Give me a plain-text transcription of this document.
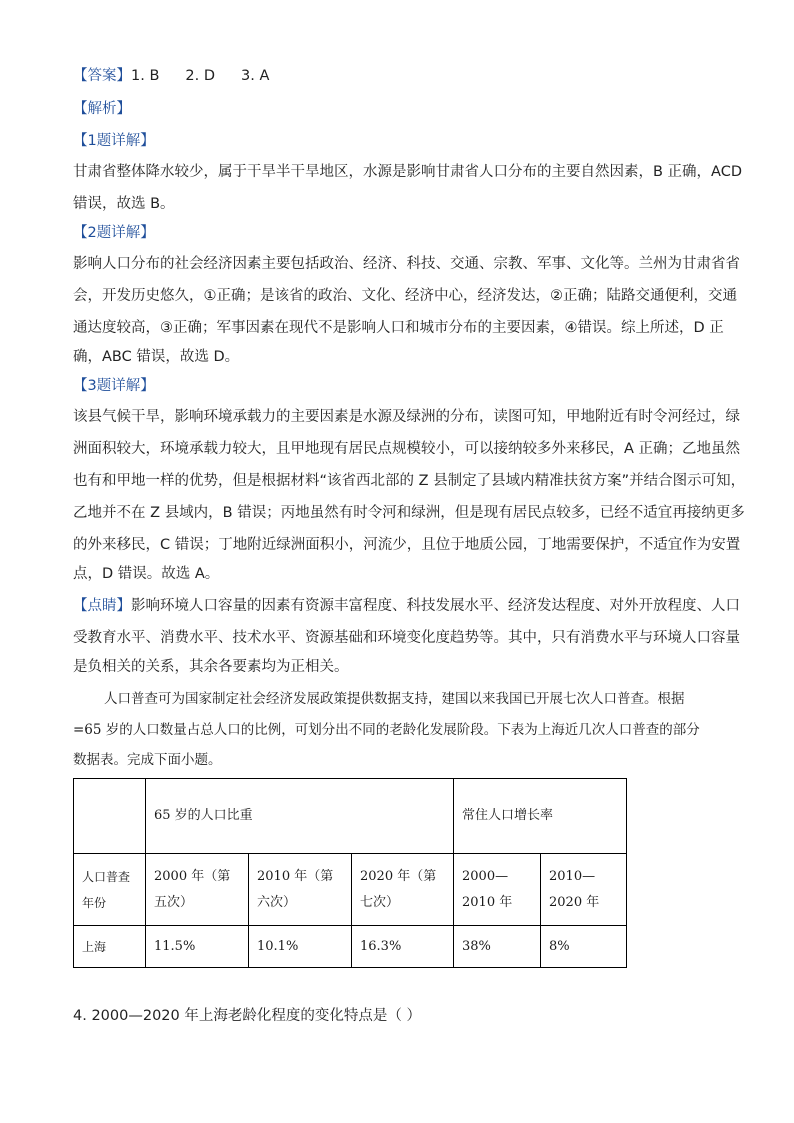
【答案】1. B 2. D 3. A
【解析】
【1题详解】
甘肃省整体降水较少，属于干旱半干旱地区，水源是影响甘肃省人口分布的主要自然因素，B 正确，ACD
错误，故选 B。
【2题详解】
影响人口分布的社会经济因素主要包括政治、经济、科技、交通、宗教、军事、文化等。兰州为甘肃省省
会，开发历史悠久，①正确；是该省的政治、文化、经济中心，经济发达，②正确；陆路交通便利，交通
通达度较高，③正确；军事因素在现代不是影响人口和城市分布的主要因素，④错误。综上所述，D 正
确，ABC 错误，故选 D。
【3题详解】
该县气候干旱，影响环境承载力的主要因素是水源及绿洲的分布，读图可知，甲地附近有时令河经过，绿
洲面积较大，环境承载力较大，且甲地现有居民点规模较小，可以接纳较多外来移民，A 正确；乙地虽然
也有和甲地一样的优势，但是根据材料“该省西北部的 Z 县制定了县域内精准扶贫方案”并结合图示可知，
乙地并不在 Z 县域内，B 错误；丙地虽然有时令河和绿洲，但是现有居民点较多，已经不适宜再接纳更多
的外来移民，C 错误；丁地附近绿洲面积小，河流少，且位于地质公园，丁地需要保护，不适宜作为安置
点，D 错误。故选 A。
【点睛】影响环境人口容量的因素有资源丰富程度、科技发展水平、经济发达程度、对外开放程度、人口
受教育水平、消费水平、技术水平、资源基础和环境变化度趋势等。其中，只有消费水平与环境人口容量
是负相关的关系，其余各要素均为正相关。
人口普查可为国家制定社会经济发展政策提供数据支持，建国以来我国已开展七次人口普查。根据
=65 岁的人口数量占总人口的比例，可划分出不同的老龄化发展阶段。下表为上海近几次人口普查的部分
数据表。完成下面小题。
	65 岁的人口比重			常住人口增长率	
人口普查年份	2000 年（第五次）	2010 年（第六次）	2020 年（第七次）	2000—2010 年	2010—2020 年
上海	11.5%	10.1%	16.3%	38%	8%
4. 2000—2020 年上海老龄化程度的变化特点是（ ）
